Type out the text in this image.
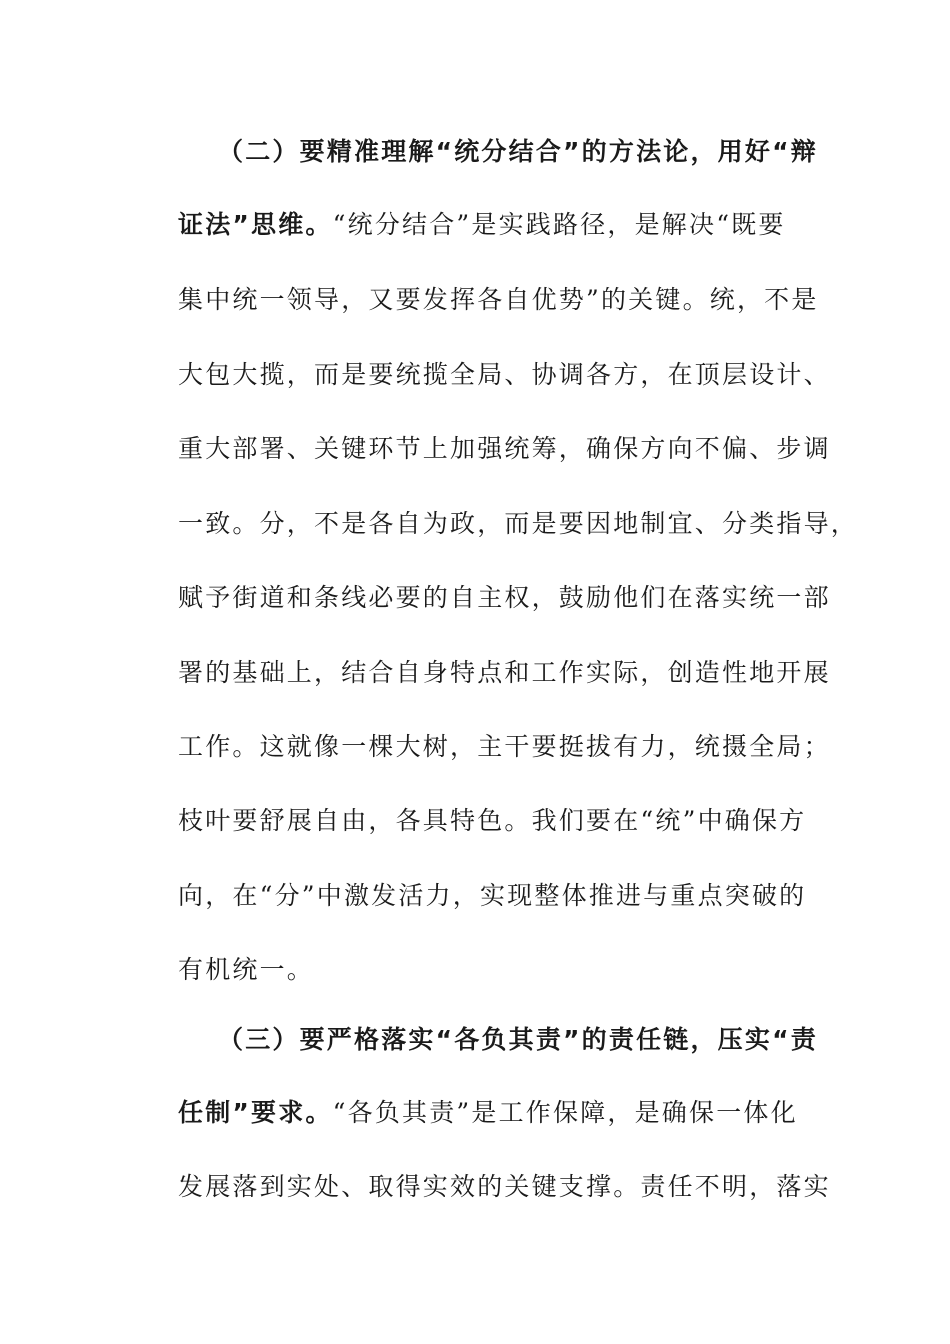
（二）要精准理解“统分结合”的方法论，用好“辩
证法”思维。“统分结合”是实践路径，是解决“既要
集中统一领导，又要发挥各自优势”的关键。统，不是
大包大揽，而是要统揽全局、协调各方，在顶层设计、
重大部署、关键环节上加强统筹，确保方向不偏、步调
一致。分，不是各自为政，而是要因地制宜、分类指导，
赋予街道和条线必要的自主权，鼓励他们在落实统一部
署的基础上，结合自身特点和工作实际，创造性地开展
工作。这就像一棵大树，主干要挺拔有力，统摄全局；
枝叶要舒展自由，各具特色。我们要在“统”中确保方
向，在“分”中激发活力，实现整体推进与重点突破的
有机统一。
（三）要严格落实“各负其责”的责任链，压实“责
任制”要求。“各负其责”是工作保障，是确保一体化
发展落到实处、取得实效的关键支撑。责任不明，落实
